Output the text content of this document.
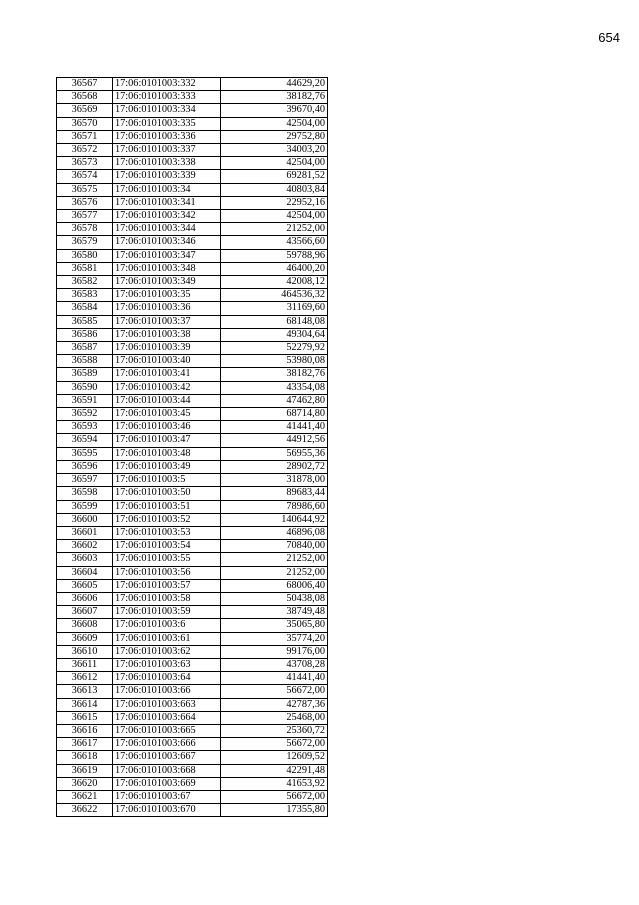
654
36567	17:06:0101003:332	44629,20
36568	17:06:0101003:333	38182,76
36569	17:06:0101003:334	39670,40
36570	17:06:0101003:335	42504,00
36571	17:06:0101003:336	29752,80
36572	17:06:0101003:337	34003,20
36573	17:06:0101003:338	42504,00
36574	17:06:0101003:339	69281,52
36575	17:06:0101003:34	40803,84
36576	17:06:0101003:341	22952,16
36577	17:06:0101003:342	42504,00
36578	17:06:0101003:344	21252,00
36579	17:06:0101003:346	43566,60
36580	17:06:0101003:347	59788,96
36581	17:06:0101003:348	46400,20
36582	17:06:0101003:349	42008,12
36583	17:06:0101003:35	464536,32
36584	17:06:0101003:36	31169,60
36585	17:06:0101003:37	68148,08
36586	17:06:0101003:38	49304,64
36587	17:06:0101003:39	52279,92
36588	17:06:0101003:40	53980,08
36589	17:06:0101003:41	38182,76
36590	17:06:0101003:42	43354,08
36591	17:06:0101003:44	47462,80
36592	17:06:0101003:45	68714,80
36593	17:06:0101003:46	41441,40
36594	17:06:0101003:47	44912,56
36595	17:06:0101003:48	56955,36
36596	17:06:0101003:49	28902,72
36597	17:06:0101003:5	31878,00
36598	17:06:0101003:50	89683,44
36599	17:06:0101003:51	78986,60
36600	17:06:0101003:52	140644,92
36601	17:06:0101003:53	46896,08
36602	17:06:0101003:54	70840,00
36603	17:06:0101003:55	21252,00
36604	17:06:0101003:56	21252,00
36605	17:06:0101003:57	68006,40
36606	17:06:0101003:58	50438,08
36607	17:06:0101003:59	38749,48
36608	17:06:0101003:6	35065,80
36609	17:06:0101003:61	35774,20
36610	17:06:0101003:62	99176,00
36611	17:06:0101003:63	43708,28
36612	17:06:0101003:64	41441,40
36613	17:06:0101003:66	56672,00
36614	17:06:0101003:663	42787,36
36615	17:06:0101003:664	25468,00
36616	17:06:0101003:665	25360,72
36617	17:06:0101003:666	56672,00
36618	17:06:0101003:667	12609,52
36619	17:06:0101003:668	42291,48
36620	17:06:0101003:669	41653,92
36621	17:06:0101003:67	56672,00
36622	17:06:0101003:670	17355,80
